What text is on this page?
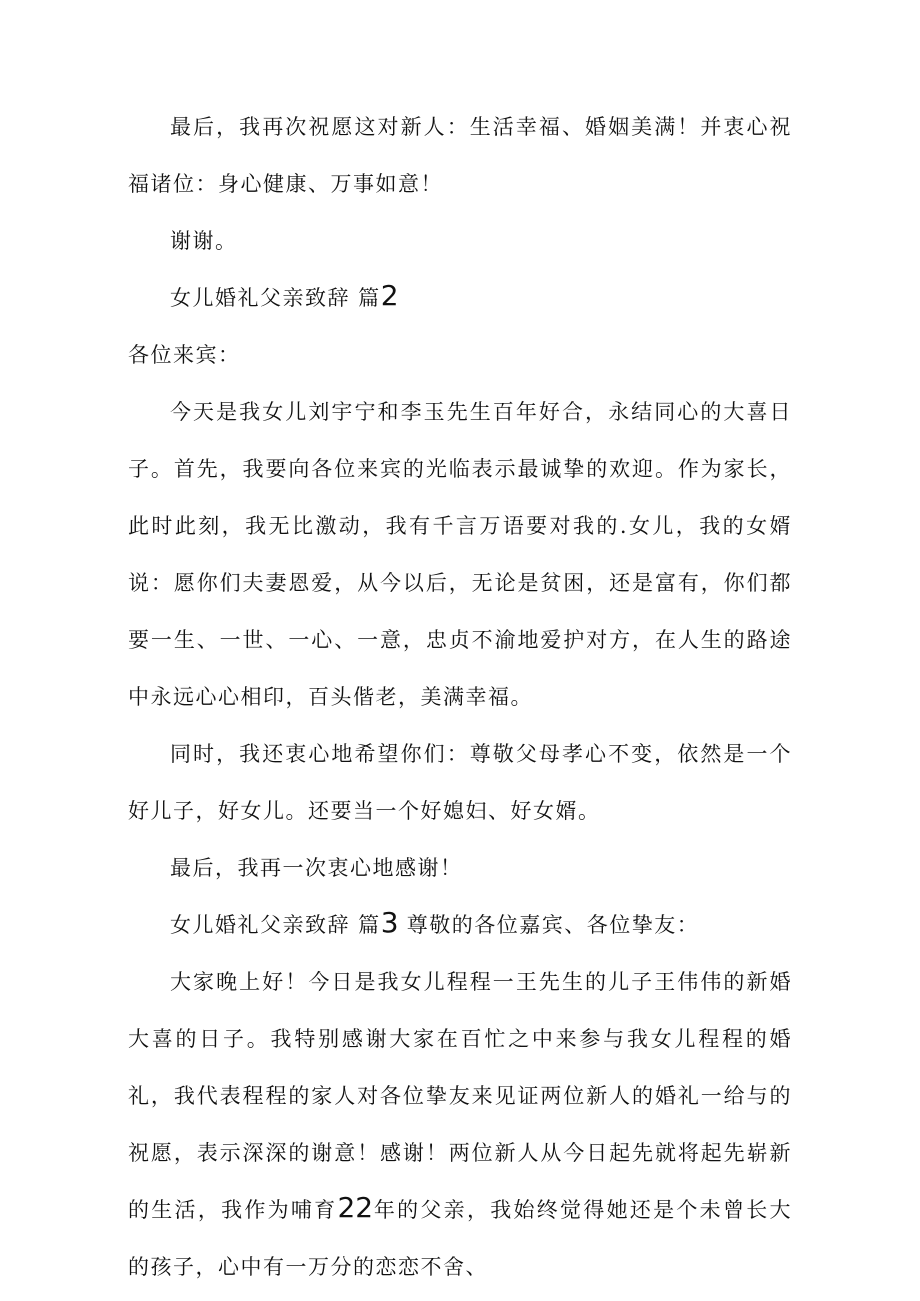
最后，我再次祝愿这对新人：生活幸福、婚姻美满！并衷心祝福诸位：身心健康、万事如意！

谢谢。

女儿婚礼父亲致辞 篇2

各位来宾：

今天是我女儿刘宇宁和李玉先生百年好合，永结同心的大喜日子。首先，我要向各位来宾的光临表示最诚挚的欢迎。作为家长，此时此刻，我无比激动，我有千言万语要对我的.女儿，我的女婿说：愿你们夫妻恩爱，从今以后，无论是贫困，还是富有，你们都要一生、一世、一心、一意，忠贞不渝地爱护对方，在人生的路途中永远心心相印，百头偕老，美满幸福。

同时，我还衷心地希望你们：尊敬父母孝心不变，依然是一个好儿子，好女儿。还要当一个好媳妇、好女婿。

最后，我再一次衷心地感谢！

女儿婚礼父亲致辞 篇3 尊敬的各位嘉宾、各位挚友：

大家晚上好！今日是我女儿程程一王先生的儿子王伟伟的新婚大喜的日子。我特别感谢大家在百忙之中来参与我女儿程程的婚礼，我代表程程的家人对各位挚友来见证两位新人的婚礼一给与的祝愿，表示深深的谢意！感谢！两位新人从今日起先就将起先崭新的生活，我作为哺育22年的父亲，我始终觉得她还是个未曾长大的孩子，心中有一万分的恋恋不舍、
